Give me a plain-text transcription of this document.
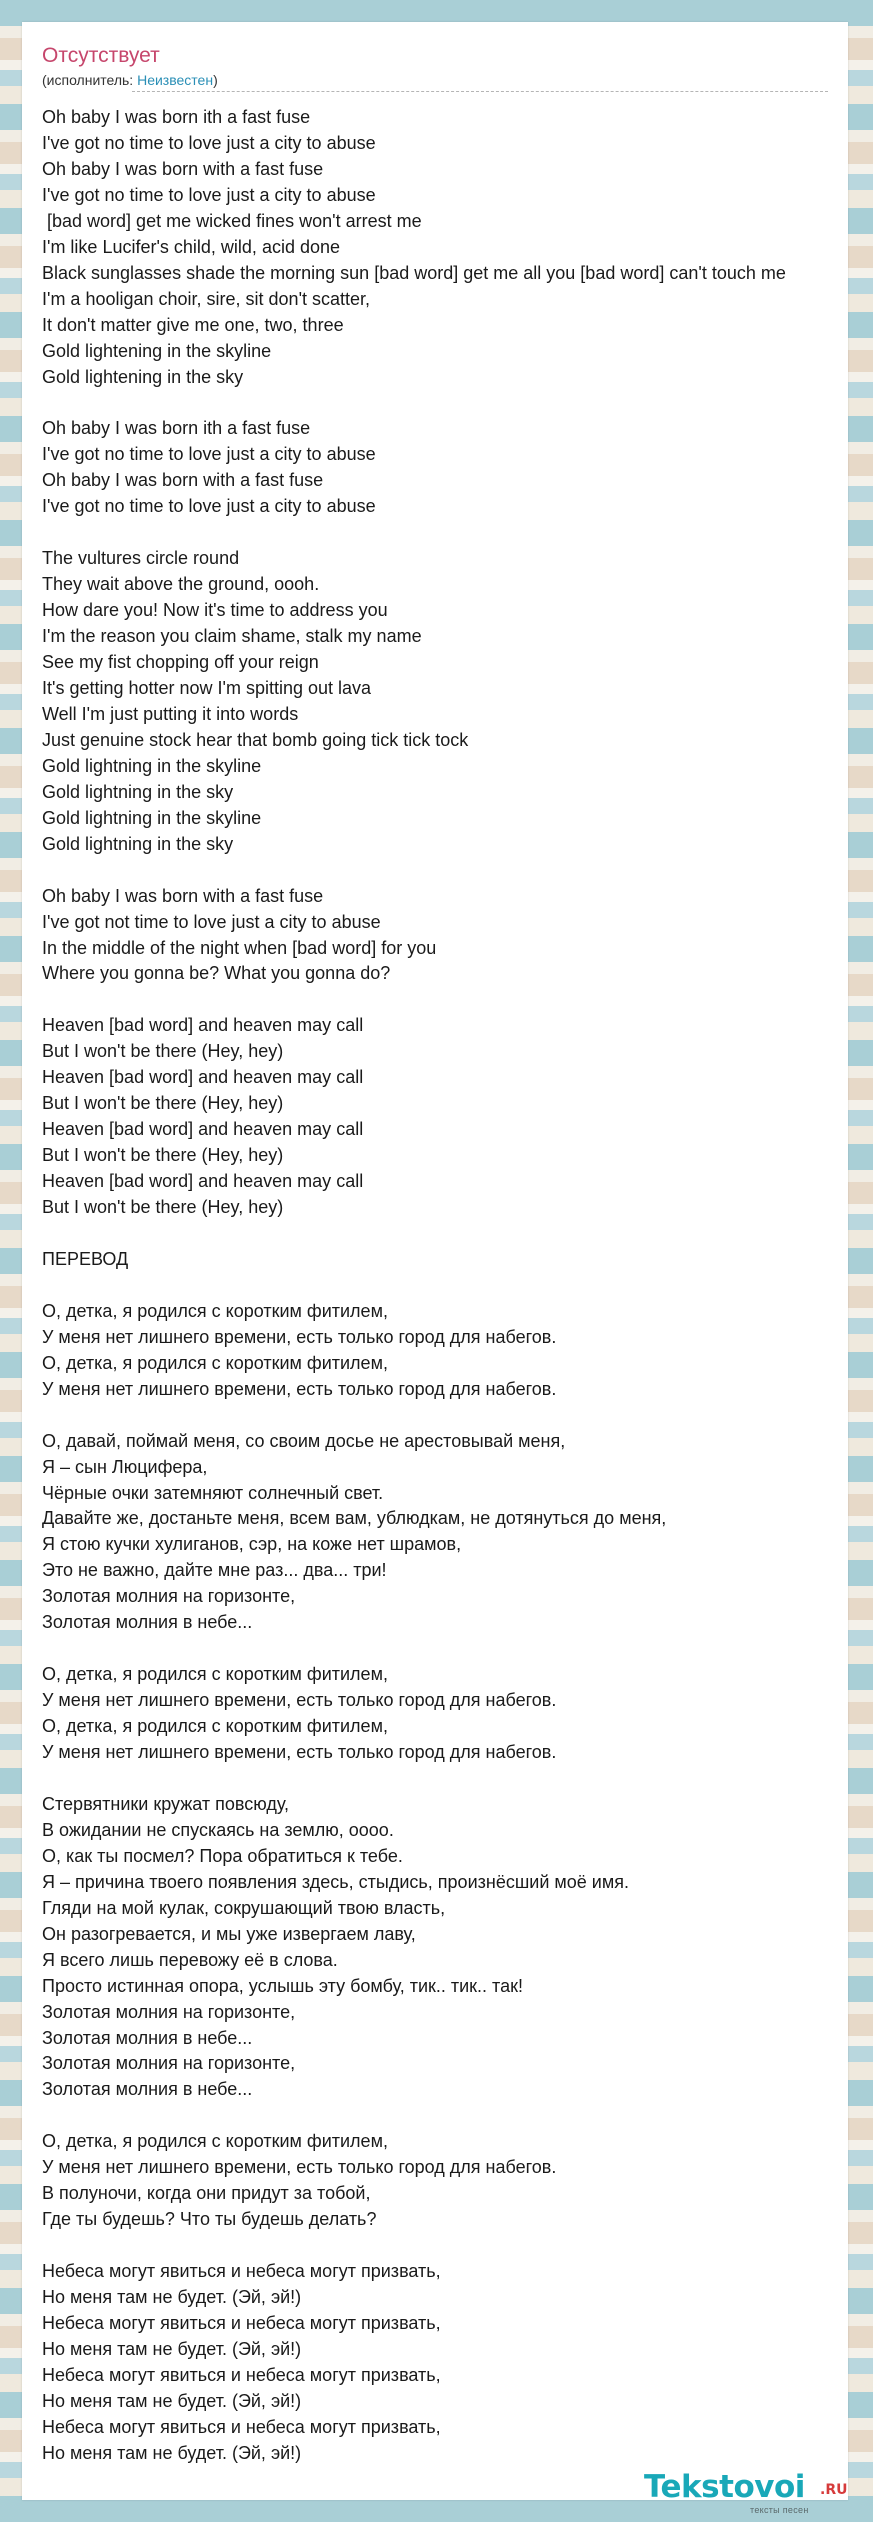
Отсутствует
(исполнитель: Неизвестен)
Oh baby I was born ith a fast fuse
I've got no time to love just a city to abuse
Oh baby I was born with a fast fuse
I've got no time to love just a city to abuse
[bad word] get me wicked fines won't arrest me
I'm like Lucifer's child, wild, acid done
Black sunglasses shade the morning sun [bad word] get me all you [bad word] can't touch me
I'm a hooligan choir, sire, sit don't scatter,
It don't matter give me one, two, three
Gold lightening in the skyline
Gold lightening in the sky

Oh baby I was born ith a fast fuse
I've got no time to love just a city to abuse
Oh baby I was born with a fast fuse
I've got no time to love just a city to abuse

The vultures circle round
They wait above the ground, oooh.
How dare you! Now it's time to address you
I'm the reason you claim shame, stalk my name
See my fist chopping off your reign
It's getting hotter now I'm spitting out lava
Well I'm just putting it into words
Just genuine stock hear that bomb going tick tick tock
Gold lightning in the skyline
Gold lightning in the sky
Gold lightning in the skyline
Gold lightning in the sky

Oh baby I was born with a fast fuse
I've got not time to love just a city to abuse
In the middle of the night when [bad word] for you
Where you gonna be? What you gonna do?

Heaven [bad word] and heaven may call
But I won't be there (Hey, hey)
Heaven [bad word] and heaven may call
But I won't be there (Hey, hey)
Heaven [bad word] and heaven may call
But I won't be there (Hey, hey)
Heaven [bad word] and heaven may call
But I won't be there (Hey, hey)

ПЕРЕВОД

О, детка, я родился с коротким фитилем,
У меня нет лишнего времени, есть только город для набегов.
О, детка, я родился с коротким фитилем,
У меня нет лишнего времени, есть только город для набегов.

О, давай, поймай меня, со своим досье не арестовывай меня,
Я – сын Люцифера,
Чёрные очки затемняют солнечный свет.
Давайте же, достаньте меня, всем вам, ублюдкам, не дотянуться до меня,
Я стою кучки хулиганов, сэр, на коже нет шрамов,
Это не важно, дайте мне раз... два... три!
Золотая молния на горизонте,
Золотая молния в небе...

О, детка, я родился с коротким фитилем,
У меня нет лишнего времени, есть только город для набегов.
О, детка, я родился с коротким фитилем,
У меня нет лишнего времени, есть только город для набегов.

Стервятники кружат повсюду,
В ожидании не спускаясь на землю, оооо.
О, как ты посмел? Пора обратиться к тебе.
Я – причина твоего появления здесь, стыдись, произнёсший моё имя.
Гляди на мой кулак, сокрушающий твою власть,
Он разогревается, и мы уже извергаем лаву,
Я всего лишь перевожу её в слова.
Просто истинная опора, услышь эту бомбу, тик.. тик.. так!
Золотая молния на горизонте,
Золотая молния в небе...
Золотая молния на горизонте,
Золотая молния в небе...

О, детка, я родился с коротким фитилем,
У меня нет лишнего времени, есть только город для набегов.
В полуночи, когда они придут за тобой,
Где ты будешь? Что ты будешь делать?

Небеса могут явиться и небеса могут призвать,
Но меня там не будет. (Эй, эй!)
Небеса могут явиться и небеса могут призвать,
Но меня там не будет. (Эй, эй!)
Небеса могут явиться и небеса могут призвать,
Но меня там не будет. (Эй, эй!)
Небеса могут явиться и небеса могут призвать,
Но меня там не будет. (Эй, эй!)
Tekstovoi .RU
тексты песен
